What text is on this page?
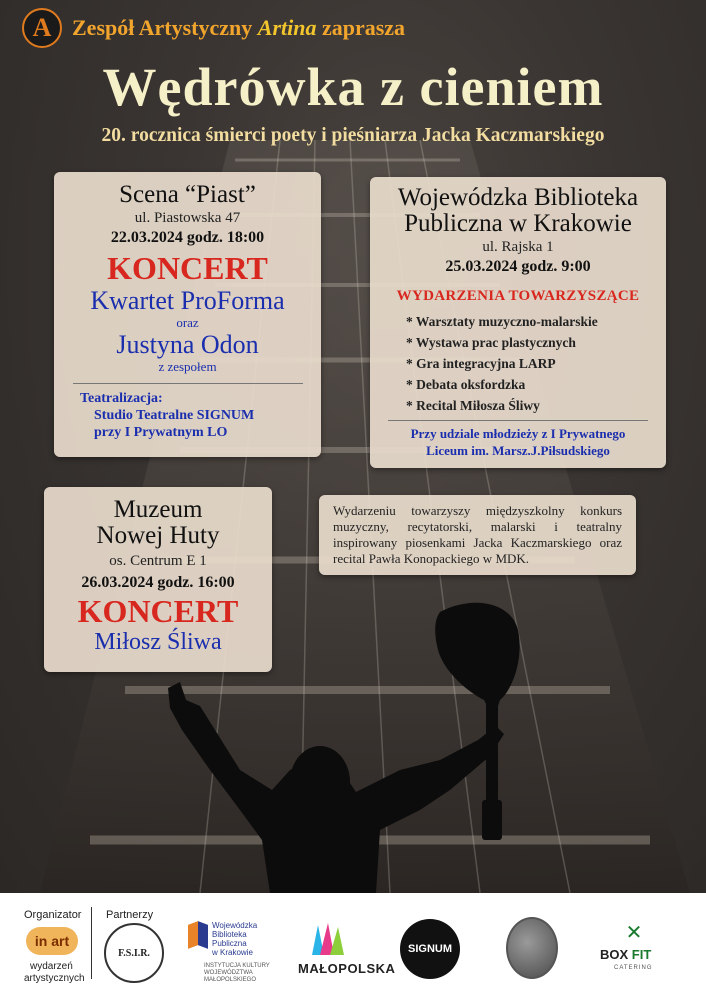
A Zespół Artystyczny Artina zaprasza
Wędrówka z cieniem
20. rocznica śmierci poety i pieśniarza Jacka Kaczmarskiego
Scena “Piast”
ul. Piastowska 47
22.03.2024 godz. 18:00
KONCERT
Kwartet ProForma
oraz
Justyna Odon
z zespołem
Teatralizacja:
Studio Teatralne SIGNUM
przy I Prywatnym LO
Wojewódzka Biblioteka
Publiczna w Krakowie
ul. Rajska 1
25.03.2024 godz. 9:00
WYDARZENIA TOWARZYSZĄCE
* Warsztaty muzyczno-malarskie
* Wystawa prac plastycznych
* Gra integracyjna LARP
* Debata oksfordzka
* Recital Miłosza Śliwy
Przy udziale młodzieży z I Prywatnego
Liceum im. Marsz.J.Piłsudskiego
Muzeum
Nowej Huty
os. Centrum E 1
26.03.2024 godz. 16:00
KONCERT
Miłosz Śliwa
Wydarzeniu towarzyszy międzyszkolny konkurs muzyczny, recytatorski, malarski i teatralny inspirowany piosenkami Jacka Kaczmarskiego oraz recital Pawła Konopackiego w MDK.
Organizator Partnerzy
in art
wydarzeń
artystycznych
F.S.I.R.
Wojewódzka
Biblioteka
Publiczna
w Krakowie
INSTYTUCJA KULTURY
WOJEWÓDZTWA
MAŁOPOLSKIEGO
MAŁOPOLSKA
SIGNUM
✕
BOX FIT
CATERING
